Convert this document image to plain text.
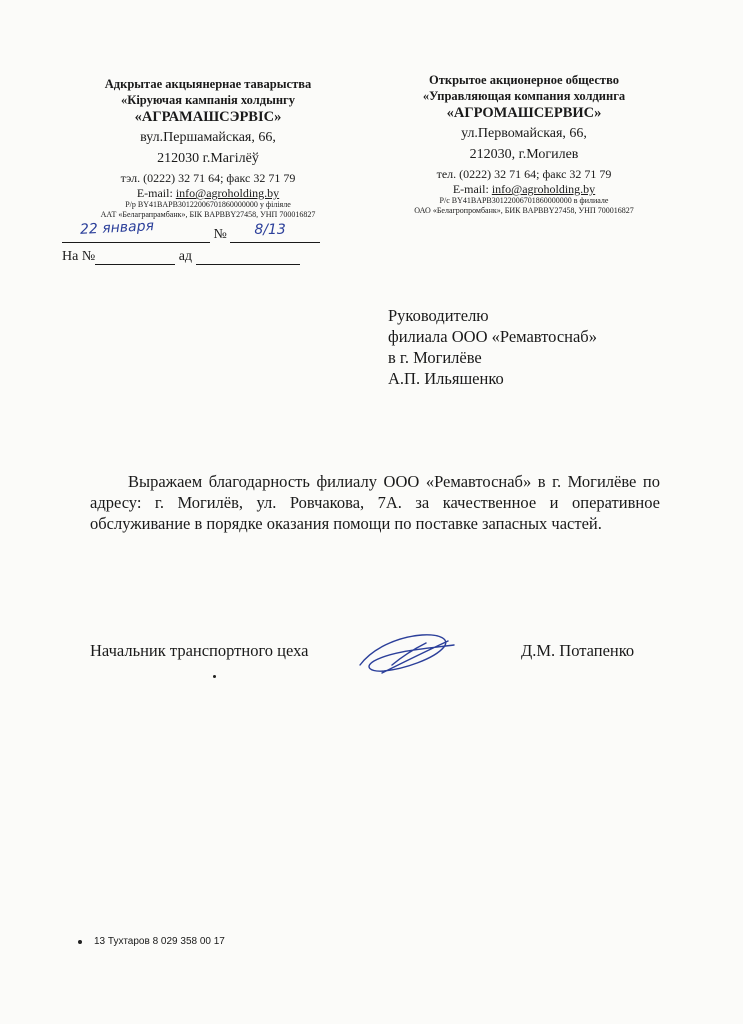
Адкрытае акцыянернае таварыства
«Кіруючая кампанія холдынгу
«АГРАМАШСЭРВІС»
вул.Першамайская, 66,
212030 г.Магілёў
тэл. (0222) 32 71 64; факс 32 71 79
E-mail: info@agroholding.by
Р/р BY41BAPB30122006701860000000 у філіяле
ААТ «Белаграпрамбанк», БІК BAPBBY27458, УНП 700016827
Открытое акционерное общество
«Управляющая компания холдинга
«АГРОМАШСЕРВИС»
ул.Первомайская, 66,
212030, г.Могилев
тел. (0222) 32 71 64; факс 32 71 79
E-mail: info@agroholding.by
Р/с BY41BAPB30122006701860000000 в филиале
ОАО «Белагропромбанк», БИК BAPBBY27458, УНП 700016827
22 января	№ 8/13
На №	ад
Руководителю
филиала ООО «Ремавтоснаб»
в г. Могилёве
А.П. Ильяшенко

Выражаем благодарность филиалу ООО «Ремавтоснаб» в г. Могилёве по адресу: г. Могилёв, ул. Ровчакова, 7А. за качественное и оперативное обслуживание в порядке оказания помощи по поставке запасных частей.

Начальник транспортного цеха	Д.М. Потапенко
13 Тухтаров 8 029 358 00 17
